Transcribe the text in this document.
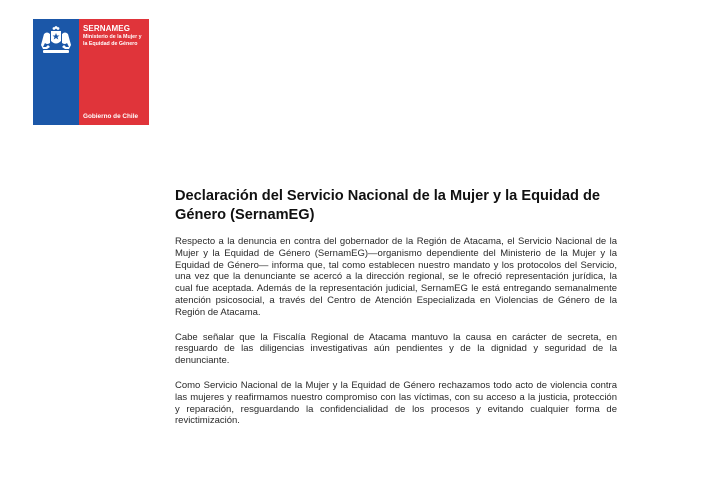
SERNAMEG
Ministerio de la Mujer y la Equidad de Género
Gobierno de Chile
Declaración del Servicio Nacional de la Mujer y la Equidad de Género (SernamEG)

Respecto a la denuncia en contra del gobernador de la Región de Atacama, el Servicio Nacional de la Mujer y la Equidad de Género (SernamEG)—organismo dependiente del Ministerio de la Mujer y la Equidad de Género— informa que, tal como establecen nuestro mandato y los protocolos del Servicio, una vez que la denunciante se acercó a la dirección regional, se le ofreció representación jurídica, la cual fue aceptada. Además de la representación judicial, SernamEG le está entregando semanalmente atención psicosocial, a través del Centro de Atención Especializada en Violencias de Género de la Región de Atacama.

Cabe señalar que la Fiscalía Regional de Atacama mantuvo la causa en carácter de secreta, en resguardo de las diligencias investigativas aún pendientes y de la dignidad y seguridad de la denunciante.

Como Servicio Nacional de la Mujer y la Equidad de Género rechazamos todo acto de violencia contra las mujeres y reafirmamos nuestro compromiso con las víctimas, con su acceso a la justicia, protección y reparación, resguardando la confidencialidad de los procesos y evitando cualquier forma de revictimización.
